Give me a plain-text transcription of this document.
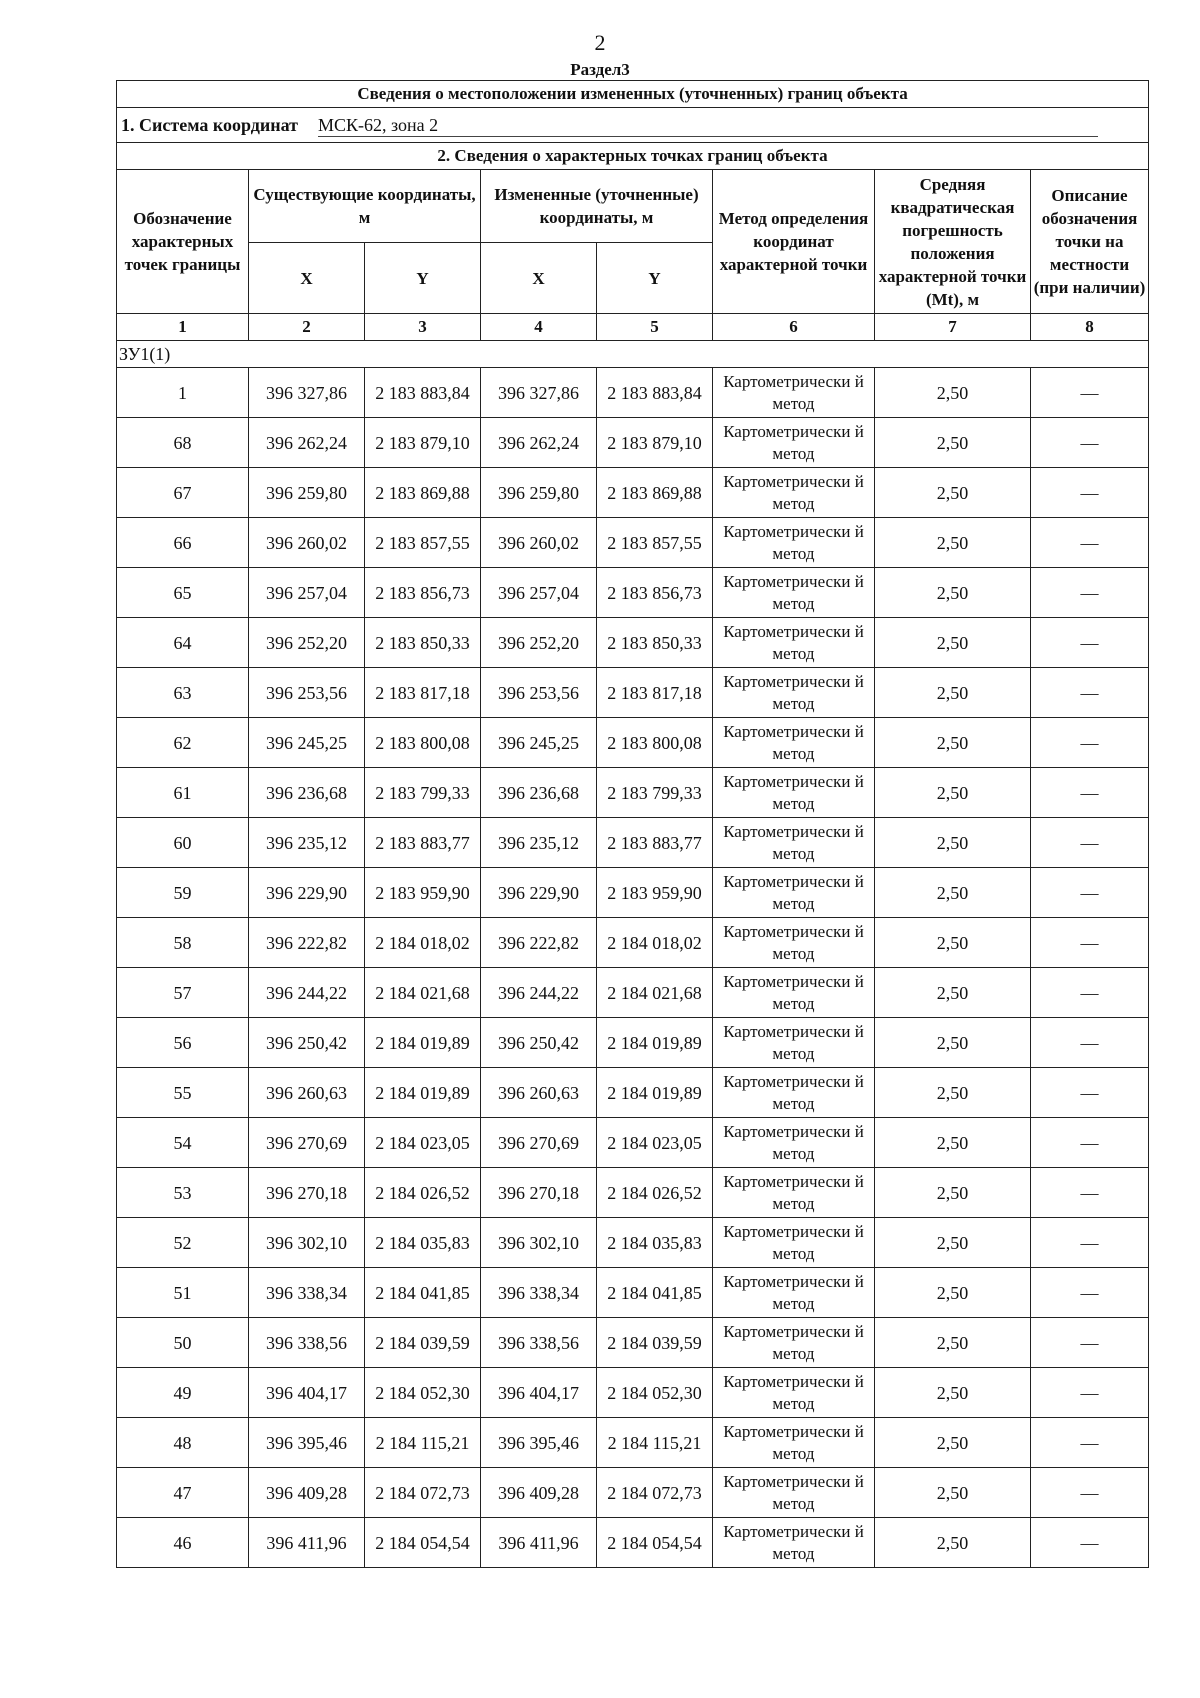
2
Раздел3
Сведения о местоположении измененных (уточненных) границ объекта							
1. Система координат МСК-62, зона 2							
2. Сведения о характерных точках границ объекта							
Обозначение характерных точек границы	Существующие координаты, м		Измененные (уточненные) координаты, м		Метод определения координат характерной точки	Средняя квадратическая погрешность положения характерной точки (Mt), м	Описание обозначения точки на местности (при наличии)
	X	Y	X	Y			
1	2	3	4	5	6	7	8
ЗУ1(1)							
1	396 327,86	2 183 883,84	396 327,86	2 183 883,84	Картометрически й метод	2,50	—
68	396 262,24	2 183 879,10	396 262,24	2 183 879,10	Картометрически й метод	2,50	—
67	396 259,80	2 183 869,88	396 259,80	2 183 869,88	Картометрически й метод	2,50	—
66	396 260,02	2 183 857,55	396 260,02	2 183 857,55	Картометрически й метод	2,50	—
65	396 257,04	2 183 856,73	396 257,04	2 183 856,73	Картометрически й метод	2,50	—
64	396 252,20	2 183 850,33	396 252,20	2 183 850,33	Картометрически й метод	2,50	—
63	396 253,56	2 183 817,18	396 253,56	2 183 817,18	Картометрически й метод	2,50	—
62	396 245,25	2 183 800,08	396 245,25	2 183 800,08	Картометрически й метод	2,50	—
61	396 236,68	2 183 799,33	396 236,68	2 183 799,33	Картометрически й метод	2,50	—
60	396 235,12	2 183 883,77	396 235,12	2 183 883,77	Картометрически й метод	2,50	—
59	396 229,90	2 183 959,90	396 229,90	2 183 959,90	Картометрически й метод	2,50	—
58	396 222,82	2 184 018,02	396 222,82	2 184 018,02	Картометрически й метод	2,50	—
57	396 244,22	2 184 021,68	396 244,22	2 184 021,68	Картометрически й метод	2,50	—
56	396 250,42	2 184 019,89	396 250,42	2 184 019,89	Картометрически й метод	2,50	—
55	396 260,63	2 184 019,89	396 260,63	2 184 019,89	Картометрически й метод	2,50	—
54	396 270,69	2 184 023,05	396 270,69	2 184 023,05	Картометрически й метод	2,50	—
53	396 270,18	2 184 026,52	396 270,18	2 184 026,52	Картометрически й метод	2,50	—
52	396 302,10	2 184 035,83	396 302,10	2 184 035,83	Картометрически й метод	2,50	—
51	396 338,34	2 184 041,85	396 338,34	2 184 041,85	Картометрически й метод	2,50	—
50	396 338,56	2 184 039,59	396 338,56	2 184 039,59	Картометрически й метод	2,50	—
49	396 404,17	2 184 052,30	396 404,17	2 184 052,30	Картометрически й метод	2,50	—
48	396 395,46	2 184 115,21	396 395,46	2 184 115,21	Картометрически й метод	2,50	—
47	396 409,28	2 184 072,73	396 409,28	2 184 072,73	Картометрически й метод	2,50	—
46	396 411,96	2 184 054,54	396 411,96	2 184 054,54	Картометрически й метод	2,50	—
